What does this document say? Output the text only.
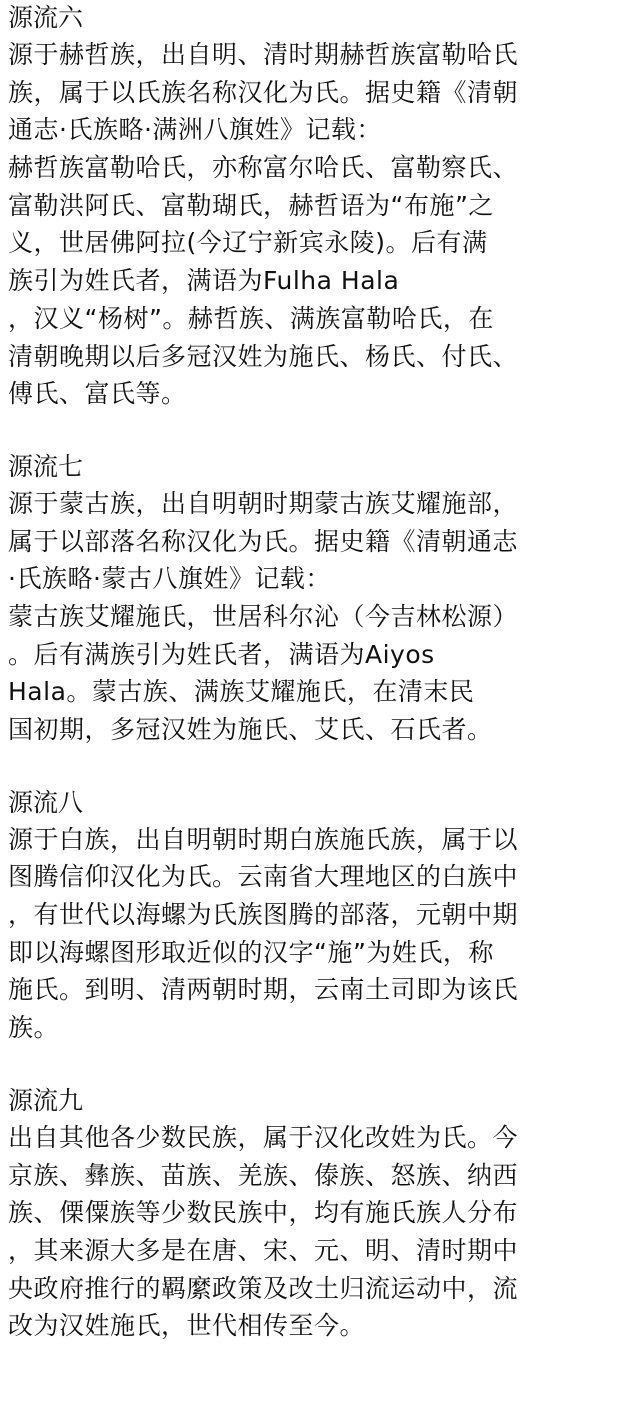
源流六
源于赫哲族，出自明、清时期赫哲族富勒哈氏
族，属于以氏族名称汉化为氏。据史籍《清朝
通志·氏族略·满洲八旗姓》记载：
赫哲族富勒哈氏，亦称富尔哈氏、富勒察氏、
富勒洪阿氏、富勒瑚氏，赫哲语为“布施”之
义，世居佛阿拉(今辽宁新宾永陵)。后有满
族引为姓氏者，满语为Fulha Hala
，汉义“杨树”。赫哲族、满族富勒哈氏，在
清朝晚期以后多冠汉姓为施氏、杨氏、付氏、
傅氏、富氏等。
源流七
源于蒙古族，出自明朝时期蒙古族艾耀施部，
属于以部落名称汉化为氏。据史籍《清朝通志
·氏族略·蒙古八旗姓》记载：
蒙古族艾耀施氏，世居科尔沁（今吉林松源）
。后有满族引为姓氏者，满语为Aiyos
Hala。蒙古族、满族艾耀施氏，在清末民
国初期，多冠汉姓为施氏、艾氏、石氏者。
源流八
源于白族，出自明朝时期白族施氏族，属于以
图腾信仰汉化为氏。云南省大理地区的白族中
，有世代以海螺为氏族图腾的部落，元朝中期
即以海螺图形取近似的汉字“施”为姓氏，称
施氏。到明、清两朝时期，云南土司即为该氏
族。
源流九
出自其他各少数民族，属于汉化改姓为氏。今
京族、彝族、苗族、羌族、傣族、怒族、纳西
族、傈僳族等少数民族中，均有施氏族人分布
，其来源大多是在唐、宋、元、明、清时期中
央政府推行的羁縻政策及改土归流运动中，流
改为汉姓施氏，世代相传至今。
